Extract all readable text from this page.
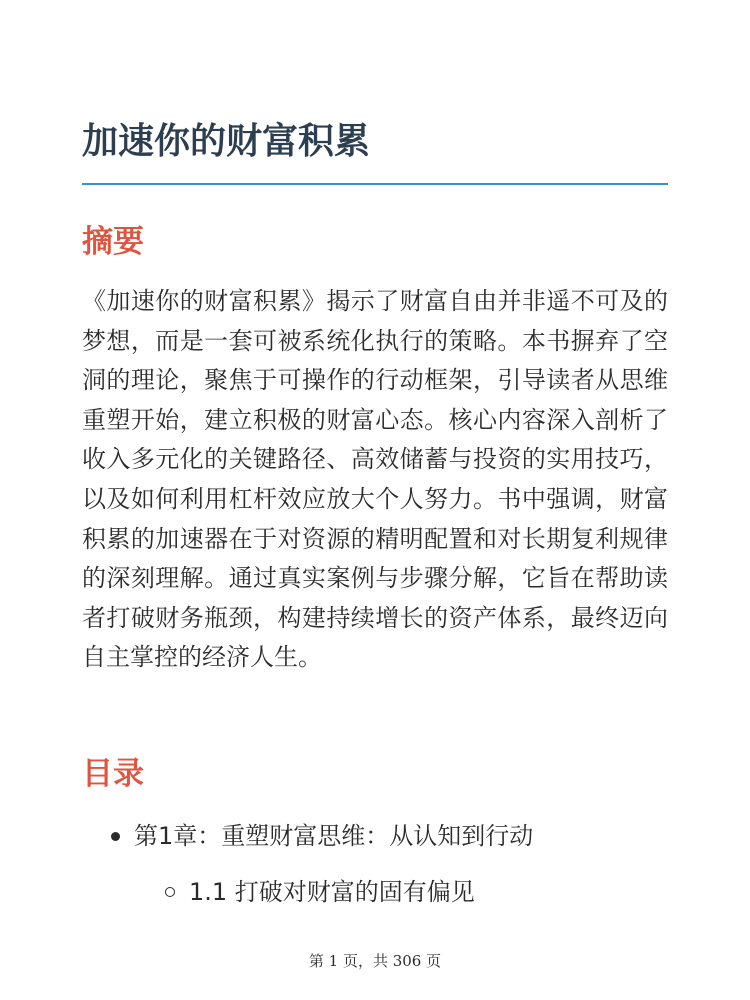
加速你的财富积累
摘要

《加速你的财富积累》揭示了财富自由并非遥不可及的梦想，而是一套可被系统化执行的策略。本书摒弃了空洞的理论，聚焦于可操作的行动框架，引导读者从思维重塑开始，建立积极的财富心态。核心内容深入剖析了收入多元化的关键路径、高效储蓄与投资的实用技巧，以及如何利用杠杆效应放大个人努力。书中强调，财富积累的加速器在于对资源的精明配置和对长期复利规律的深刻理解。通过真实案例与步骤分解，它旨在帮助读者打破财务瓶颈，构建持续增长的资产体系，最终迈向自主掌控的经济人生。

目录
第1章：重塑财富思维：从认知到行动
1.1 打破对财富的固有偏见
第 1 页，共 306 页
